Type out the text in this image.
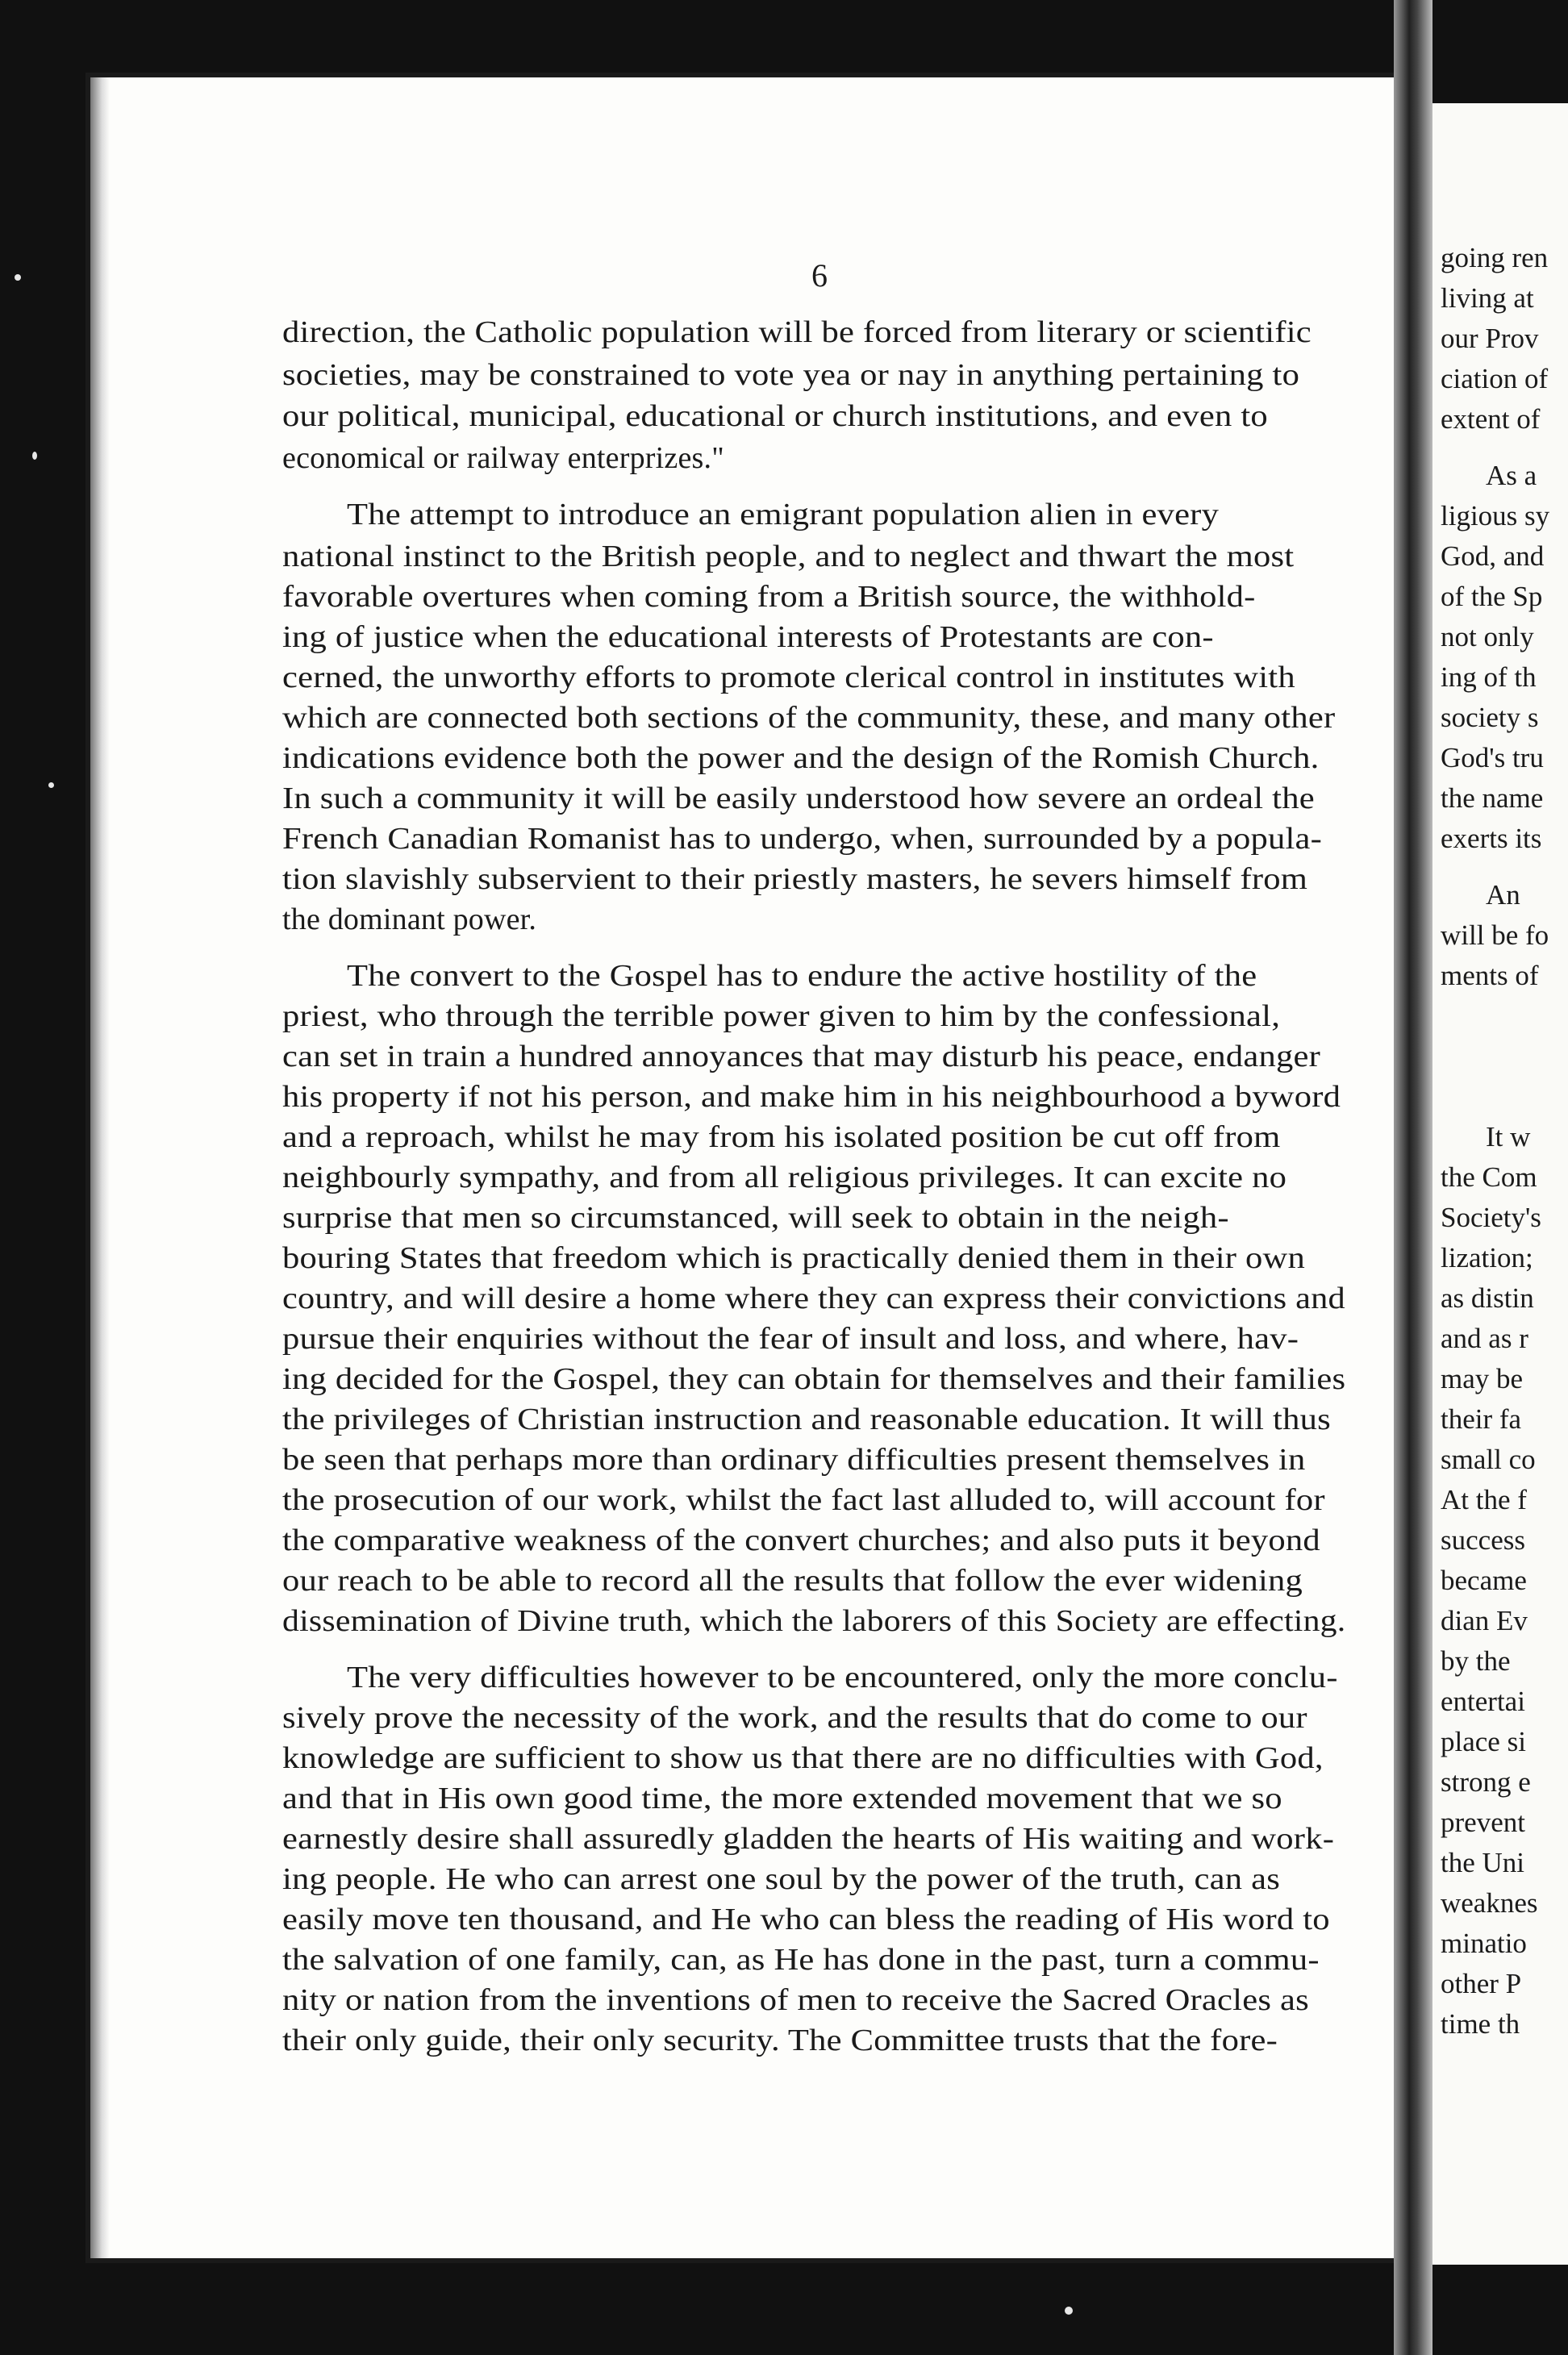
going ren
living at
our Prov
ciation of
extent of
As a
ligious sy
God, and
of the Sp
not only
ing of th
society s
God's tru
the name
exerts its
An
will be fo
ments of
It w
the Com
Society's
lization;
as distin
and as r
may be
their fa
small co
At the f
success
became
dian Ev
by the
entertai
place si
strong e
prevent
the Uni
weaknes
minatio
other P
time th
6
direction, the Catholic population will be forced from literary or scientific
societies, may be constrained to vote yea or nay in anything pertaining to
our political, municipal, educational or church institutions, and even to
economical or railway enterprizes."
The attempt to introduce an emigrant population alien in every
national instinct to the British people, and to neglect and thwart the most
favorable overtures when coming from a British source, the withhold-
ing of justice when the educational interests of Protestants are con-
cerned, the unworthy efforts to promote clerical control in institutes with
which are connected both sections of the community, these, and many other
indications evidence both the power and the design of the Romish Church.
In such a community it will be easily understood how severe an ordeal the
French Canadian Romanist has to undergo, when, surrounded by a popula-
tion slavishly subservient to their priestly masters, he severs himself from
the dominant power.
The convert to the Gospel has to endure the active hostility of the
priest, who through the terrible power given to him by the confessional,
can set in train a hundred annoyances that may disturb his peace, endanger
his property if not his person, and make him in his neighbourhood a byword
and a reproach, whilst he may from his isolated position be cut off from
neighbourly sympathy, and from all religious privileges. It can excite no
surprise that men so circumstanced, will seek to obtain in the neigh-
bouring States that freedom which is practically denied them in their own
country, and will desire a home where they can express their convictions and
pursue their enquiries without the fear of insult and loss, and where, hav-
ing decided for the Gospel, they can obtain for themselves and their families
the privileges of Christian instruction and reasonable education. It will thus
be seen that perhaps more than ordinary difficulties present themselves in
the prosecution of our work, whilst the fact last alluded to, will account for
the comparative weakness of the convert churches; and also puts it beyond
our reach to be able to record all the results that follow the ever widening
dissemination of Divine truth, which the laborers of this Society are effecting.
The very difficulties however to be encountered, only the more conclu-
sively prove the necessity of the work, and the results that do come to our
knowledge are sufficient to show us that there are no difficulties with God,
and that in His own good time, the more extended movement that we so
earnestly desire shall assuredly gladden the hearts of His waiting and work-
ing people. He who can arrest one soul by the power of the truth, can as
easily move ten thousand, and He who can bless the reading of His word to
the salvation of one family, can, as He has done in the past, turn a commu-
nity or nation from the inventions of men to receive the Sacred Oracles as
their only guide, their only security. The Committee trusts that the fore-
